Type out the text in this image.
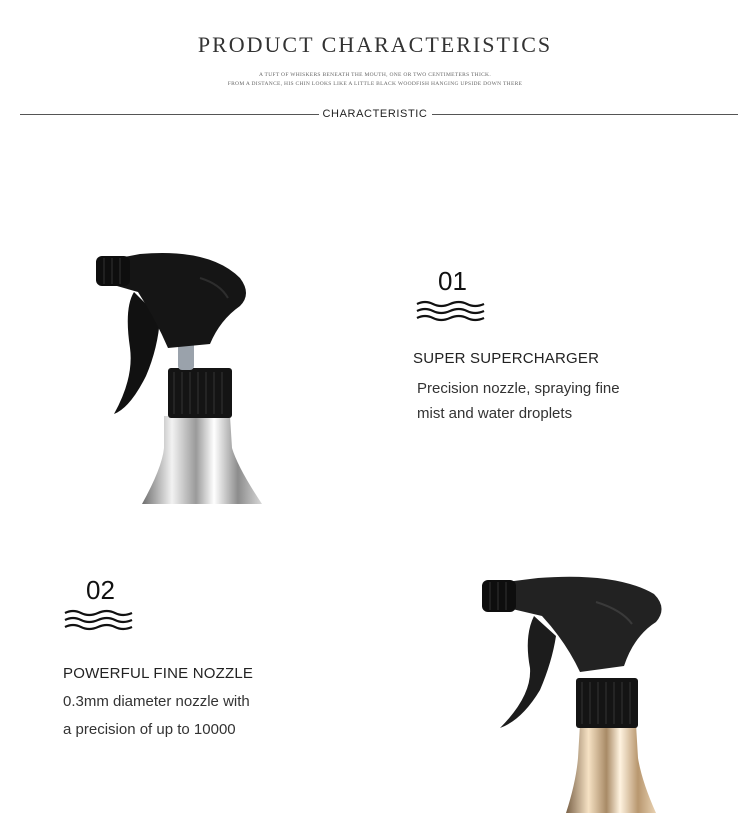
PRODUCT CHARACTERISTICS
A TUFT OF WHISKERS BENEATH THE MOUTH, ONE OR TWO CENTIMETERS THICK.
FROM A DISTANCE, HIS CHIN LOOKS LIKE A LITTLE BLACK WOODFISH HANGING UPSIDE DOWN THERE
CHARACTERISTIC
01
SUPER SUPERCHARGER
Precision nozzle, spraying fine
mist and water droplets
02
POWERFUL FINE NOZZLE
0.3mm diameter nozzle with
a precision of up to 10000
